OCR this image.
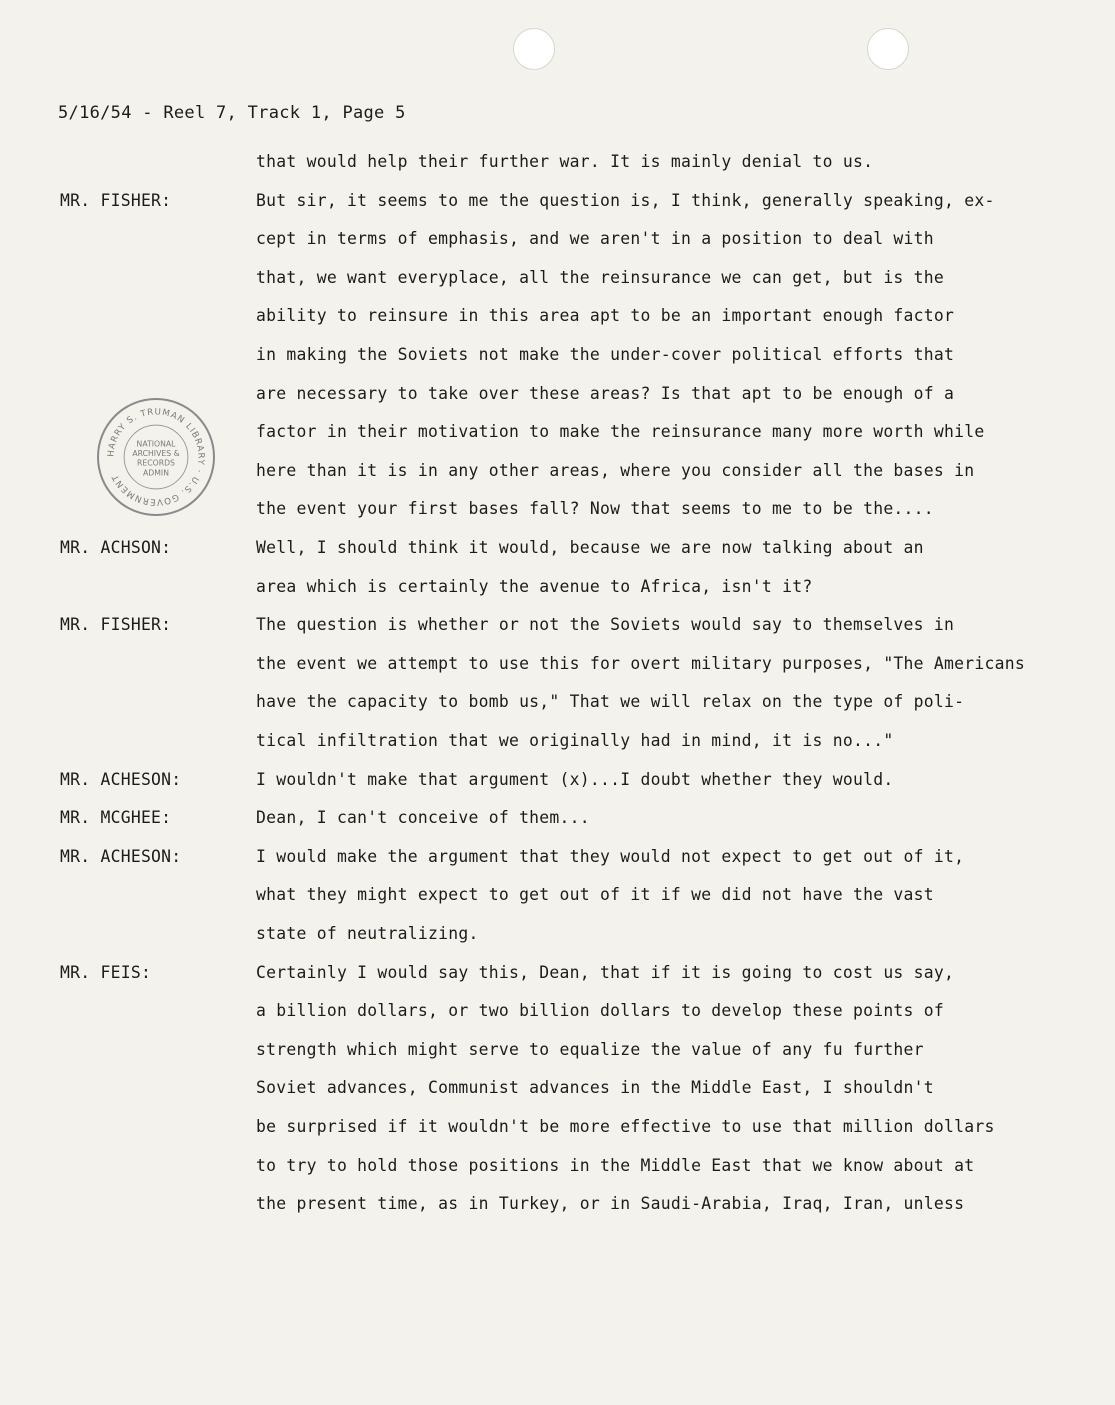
5/16/54 - Reel 7, Track 1, Page 5
HARRY S. TRUMAN LIBRARY · U.S. GOVERNMENT
NATIONAL ARCHIVES & RECORDS ADMIN
that would help their further war. It is mainly denial to us.
MR. FISHER:	But sir, it seems to me the question is, I think, generally speaking, ex-
cept in terms of emphasis, and we aren't in a position to deal with
that, we want everyplace, all the reinsurance we can get, but is the
ability to reinsure in this area apt to be an important enough factor
in making the Soviets not make the under-cover political efforts that
are necessary to take over these areas? Is that apt to be enough of a
factor in their motivation to make the reinsurance many more worth while
here than it is in any other areas, where you consider all the bases in
the event your first bases fall? Now that seems to me to be the....
MR. ACHSON:	Well, I should think it would, because we are now talking about an
area which is certainly the avenue to Africa, isn't it?
MR. FISHER:	The question is whether or not the Soviets would say to themselves in
the event we attempt to use this for overt military purposes, "The Americans
have the capacity to bomb us," That we will relax on the type of poli-
tical infiltration that we originally had in mind, it is no..."
MR. ACHESON:	I wouldn't make that argument (x)...I doubt whether they would.
MR. MCGHEE:	Dean, I can't conceive of them...
MR. ACHESON:	I would make the argument that they would not expect to get out of it,
what they might expect to get out of it if we did not have the vast
state of neutralizing.
MR. FEIS:	Certainly I would say this, Dean, that if it is going to cost us say,
a billion dollars, or two billion dollars to develop these points of
strength which might serve to equalize the value of any fu further
Soviet advances, Communist advances in the Middle East, I shouldn't
be surprised if it wouldn't be more effective to use that million dollars
to try to hold those positions in the Middle East that we know about at
the present time, as in Turkey, or in Saudi-Arabia, Iraq, Iran, unless
